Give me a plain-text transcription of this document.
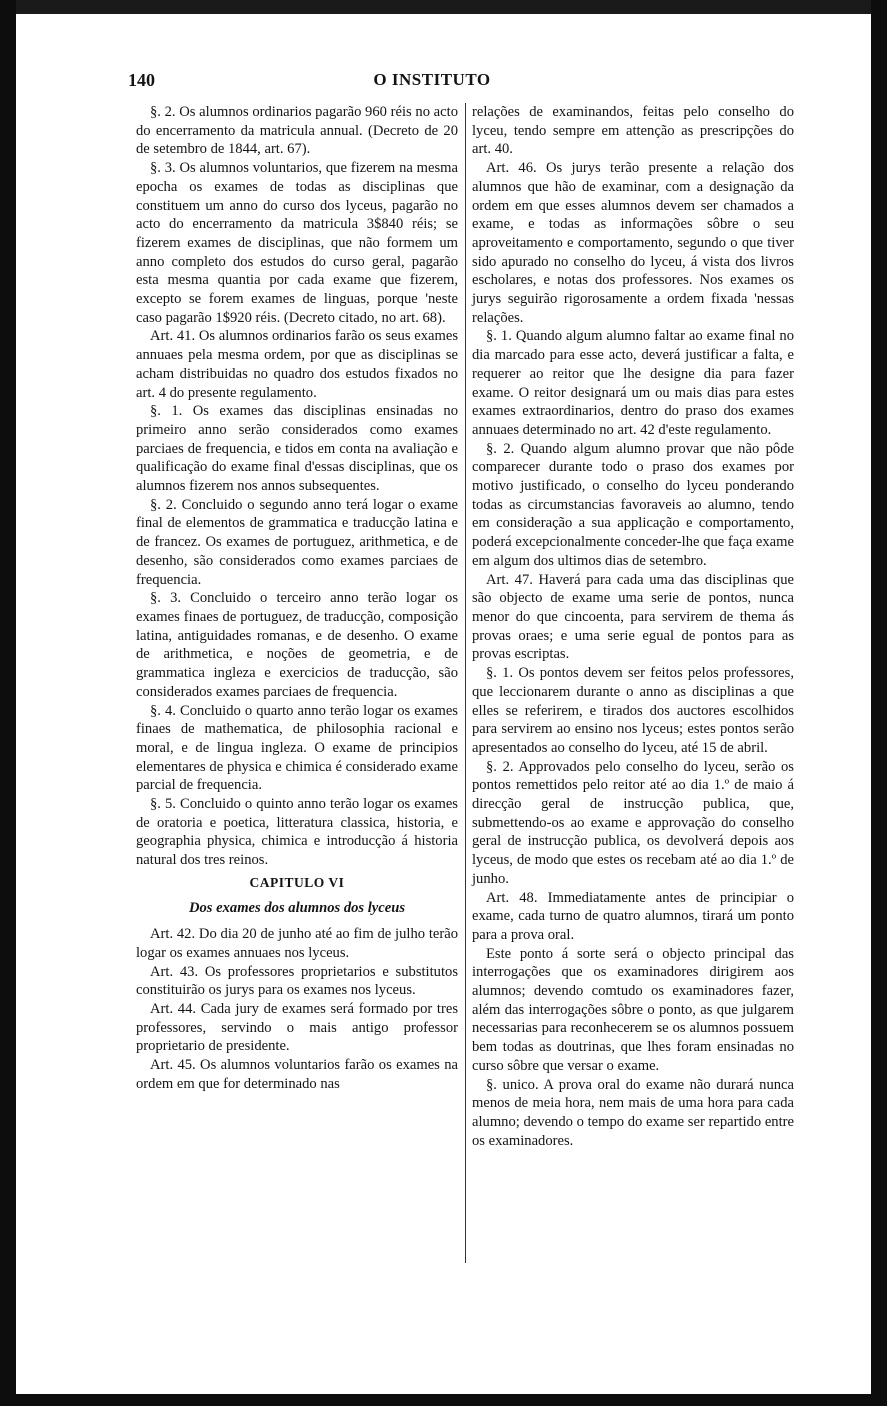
140	O INSTITUTO

§. 2. Os alumnos ordinarios pagarão 960 réis no acto do encerramento da matricula annual. (Decreto de 20 de setembro de 1844, art. 67).

§. 3. Os alumnos voluntarios, que fizerem na mesma epocha os exames de todas as disciplinas que constituem um anno do curso dos lyceus, pagarão no acto do encerramento da matricula 3$840 réis; se fizerem exames de disciplinas, que não formem um anno completo dos estudos do curso geral, pagarão esta mesma quantia por cada exame que fizerem, excepto se forem exames de linguas, porque 'neste caso pagarão 1$920 réis. (Decreto citado, no art. 68).

Art. 41. Os alumnos ordinarios farão os seus exames annuaes pela mesma ordem, por que as disciplinas se acham distribuidas no quadro dos estudos fixados no art. 4 do presente regulamento.

§. 1. Os exames das disciplinas ensinadas no primeiro anno serão considerados como exames parciaes de frequencia, e tidos em conta na avaliação e qualificação do exame final d'essas disciplinas, que os alumnos fizerem nos annos subsequentes.

§. 2. Concluido o segundo anno terá logar o exame final de elementos de grammatica e traducção latina e de francez. Os exames de portuguez, arithmetica, e de desenho, são considerados como exames parciaes de frequencia.

§. 3. Concluido o terceiro anno terão logar os exames finaes de portuguez, de traducção, composição latina, antiguidades romanas, e de desenho. O exame de arithmetica, e noções de geometria, e de grammatica ingleza e exercicios de traducção, são considerados exames parciaes de frequencia.

§. 4. Concluido o quarto anno terão logar os exames finaes de mathematica, de philosophia racional e moral, e de lingua ingleza. O exame de principios elementares de physica e chimica é considerado exame parcial de frequencia.

§. 5. Concluido o quinto anno terão logar os exames de oratoria e poetica, litteratura classica, historia, e geographia physica, chimica e introducção á historia natural dos tres reinos.

CAPITULO VI
Dos exames dos alumnos dos lyceus

Art. 42. Do dia 20 de junho até ao fim de julho terão logar os exames annuaes nos lyceus.

Art. 43. Os professores proprietarios e substitutos constituirão os jurys para os exames nos lyceus.

Art. 44. Cada jury de exames será formado por tres professores, servindo o mais antigo professor proprietario de presidente.

Art. 45. Os alumnos voluntarios farão os exames na ordem em que for determinado nas

relações de examinandos, feitas pelo conselho do lyceu, tendo sempre em attenção as prescripções do art. 40.

Art. 46. Os jurys terão presente a relação dos alumnos que hão de examinar, com a designação da ordem em que esses alumnos devem ser chamados a exame, e todas as informações sôbre o seu aproveitamento e comportamento, segundo o que tiver sido apurado no conselho do lyceu, á vista dos livros escholares, e notas dos professores. Nos exames os jurys seguirão rigorosamente a ordem fixada 'nessas relações.

§. 1. Quando algum alumno faltar ao exame final no dia marcado para esse acto, deverá justificar a falta, e requerer ao reitor que lhe designe dia para fazer exame. O reitor designará um ou mais dias para estes exames extraordinarios, dentro do praso dos exames annuaes determinado no art. 42 d'este regulamento.

§. 2. Quando algum alumno provar que não pôde comparecer durante todo o praso dos exames por motivo justificado, o conselho do lyceu ponderando todas as circumstancias favoraveis ao alumno, tendo em consideração a sua applicação e comportamento, poderá excepcionalmente conceder-lhe que faça exame em algum dos ultimos dias de setembro.

Art. 47. Haverá para cada uma das disciplinas que são objecto de exame uma serie de pontos, nunca menor do que cincoenta, para servirem de thema ás provas oraes; e uma serie egual de pontos para as provas escriptas.

§. 1. Os pontos devem ser feitos pelos professores, que leccionarem durante o anno as disciplinas a que elles se referirem, e tirados dos auctores escolhidos para servirem ao ensino nos lyceus; estes pontos serão apresentados ao conselho do lyceu, até 15 de abril.

§. 2. Approvados pelo conselho do lyceu, serão os pontos remettidos pelo reitor até ao dia 1.º de maio á direcção geral de instrucção publica, que, submettendo-os ao exame e approvação do conselho geral de instrucção publica, os devolverá depois aos lyceus, de modo que estes os recebam até ao dia 1.º de junho.

Art. 48. Immediatamente antes de principiar o exame, cada turno de quatro alumnos, tirará um ponto para a prova oral.

Este ponto á sorte será o objecto principal das interrogações que os examinadores dirigirem aos alumnos; devendo comtudo os examinadores fazer, além das interrogações sôbre o ponto, as que julgarem necessarias para reconhecerem se os alumnos possuem bem todas as doutrinas, que lhes foram ensinadas no curso sôbre que versar o exame.

§. unico. A prova oral do exame não durará nunca menos de meia hora, nem mais de uma hora para cada alumno; devendo o tempo do exame ser repartido entre os examinadores.
